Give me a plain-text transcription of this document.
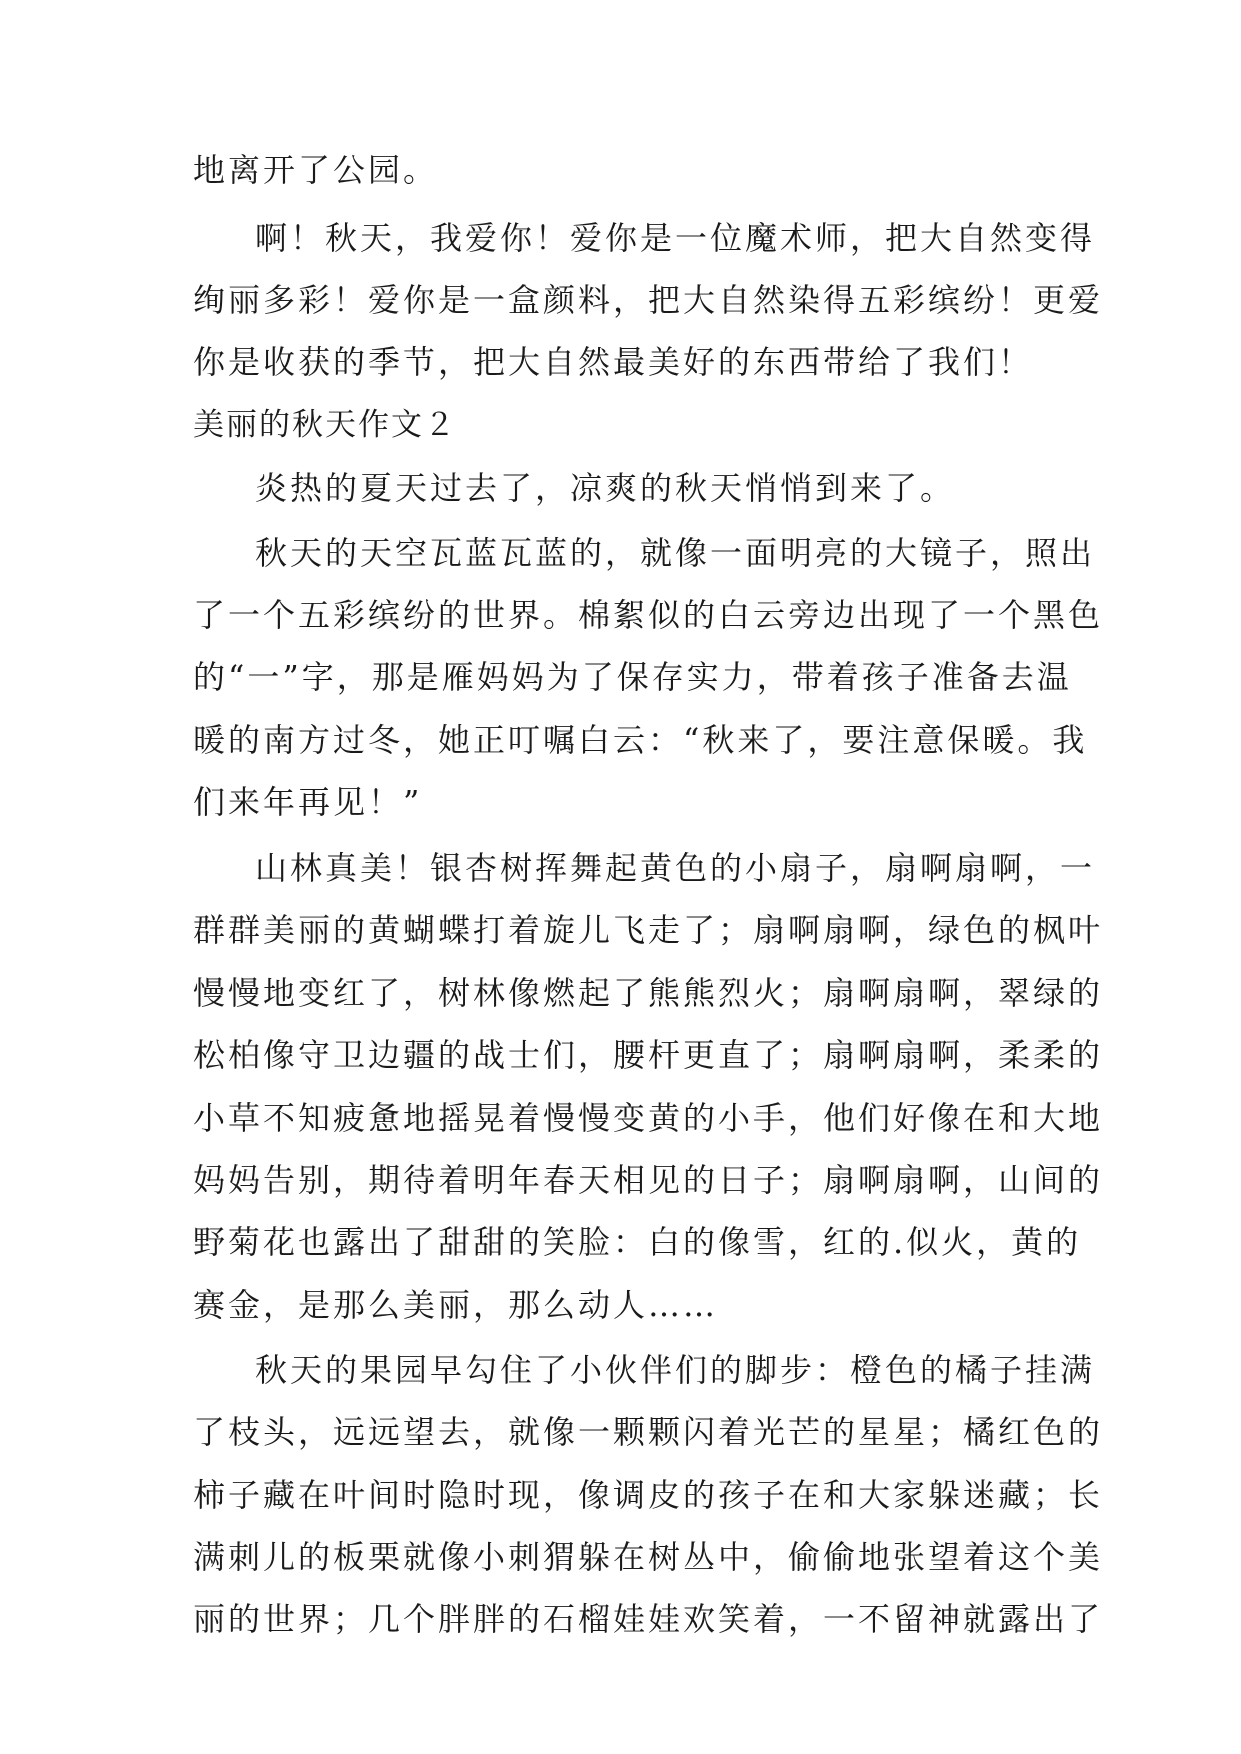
地离开了公园。
啊！秋天，我爱你！爱你是一位魔术师，把大自然变得
绚丽多彩！爱你是一盒颜料，把大自然染得五彩缤纷！更爱
你是收获的季节，把大自然最美好的东西带给了我们！
美丽的秋天作文２
炎热的夏天过去了，凉爽的秋天悄悄到来了。
秋天的天空瓦蓝瓦蓝的，就像一面明亮的大镜子，照出
了一个五彩缤纷的世界。棉絮似的白云旁边出现了一个黑色
的“一”字，那是雁妈妈为了保存实力，带着孩子准备去温
暖的南方过冬，她正叮嘱白云：“秋来了，要注意保暖。我
们来年再见！”
山林真美！银杏树挥舞起黄色的小扇子，扇啊扇啊，一
群群美丽的黄蝴蝶打着旋儿飞走了；扇啊扇啊，绿色的枫叶
慢慢地变红了，树林像燃起了熊熊烈火；扇啊扇啊，翠绿的
松柏像守卫边疆的战士们，腰杆更直了；扇啊扇啊，柔柔的
小草不知疲惫地摇晃着慢慢变黄的小手，他们好像在和大地
妈妈告别，期待着明年春天相见的日子；扇啊扇啊，山间的
野菊花也露出了甜甜的笑脸：白的像雪，红的.似火，黄的
赛金，是那么美丽，那么动人……
秋天的果园早勾住了小伙伴们的脚步：橙色的橘子挂满
了枝头，远远望去，就像一颗颗闪着光芒的星星；橘红色的
柿子藏在叶间时隐时现，像调皮的孩子在和大家躲迷藏；长
满刺儿的板栗就像小刺猬躲在树丛中，偷偷地张望着这个美
丽的世界；几个胖胖的石榴娃娃欢笑着，一不留神就露出了
